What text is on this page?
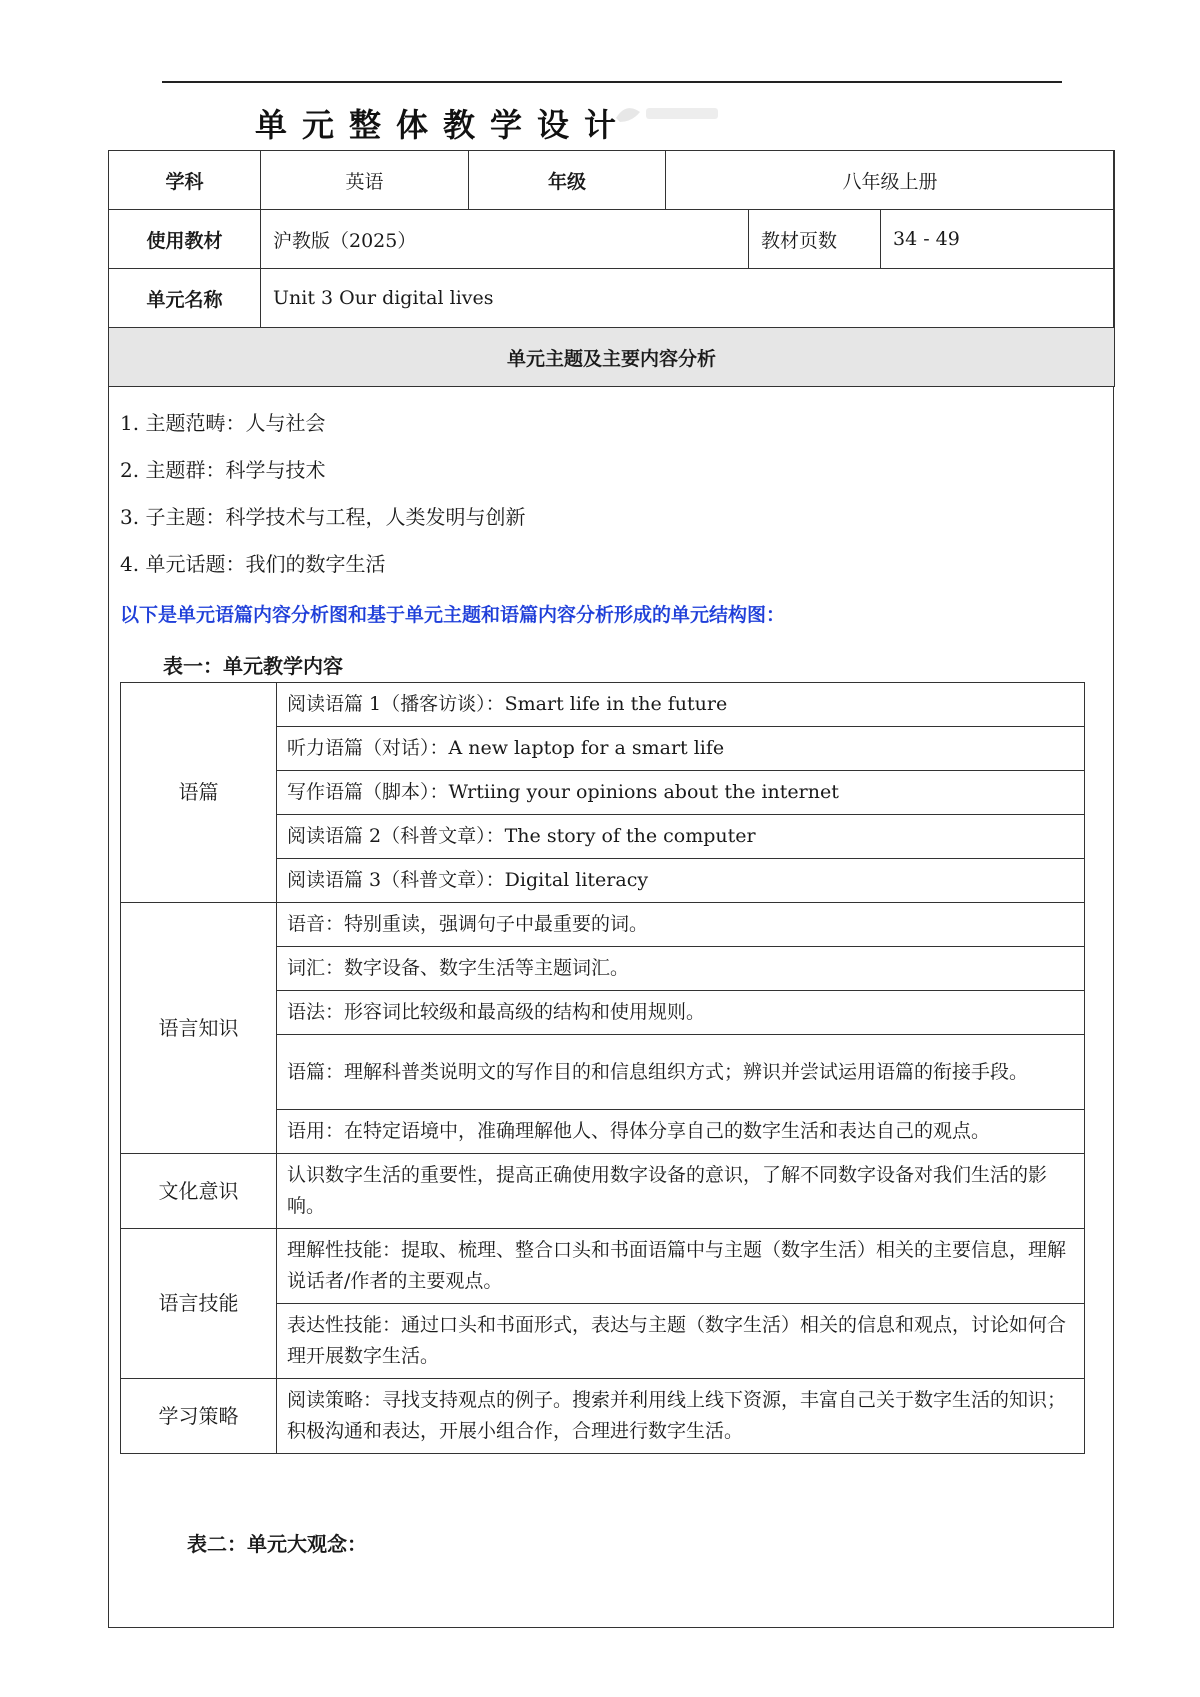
单元整体教学设计
学科	英语	年级	八年级上册		
使用教材	沪教版（2025）			教材页数	34 - 49
单元名称	Unit 3 Our digital lives				
单元主题及主要内容分析					
1. 主题范畴：人与社会
2. 主题群：科学与技术
3. 子主题：科学技术与工程，人类发明与创新
4. 单元话题：我们的数字生活
以下是单元语篇内容分析图和基于单元主题和语篇内容分析形成的单元结构图：
表一：单元教学内容
语篇	阅读语篇 1（播客访谈）：Smart life in the future
	听力语篇（对话）：A new laptop for a smart life
	写作语篇（脚本）：Wrtiing your opinions about the internet
	阅读语篇 2（科普文章）：The story of the computer
	阅读语篇 3（科普文章）：Digital literacy
语言知识	语音：特别重读，强调句子中最重要的词。
	词汇：数字设备、数字生活等主题词汇。
	语法：形容词比较级和最高级的结构和使用规则。
	语篇：理解科普类说明文的写作目的和信息组织方式；辨识并尝试运用语篇的衔接手段。
	语用：在特定语境中，准确理解他人、得体分享自己的数字生活和表达自己的观点。
文化意识	认识数字生活的重要性，提高正确使用数字设备的意识，了解不同数字设备对我们生活的影响。
语言技能	理解性技能：提取、梳理、整合口头和书面语篇中与主题（数字生活）相关的主要信息，理解说话者/作者的主要观点。
	表达性技能：通过口头和书面形式，表达与主题（数字生活）相关的信息和观点，讨论如何合理开展数字生活。
学习策略	阅读策略：寻找支持观点的例子。搜索并利用线上线下资源，丰富自己关于数字生活的知识；积极沟通和表达，开展小组合作，合理进行数字生活。
表二：单元大观念：
